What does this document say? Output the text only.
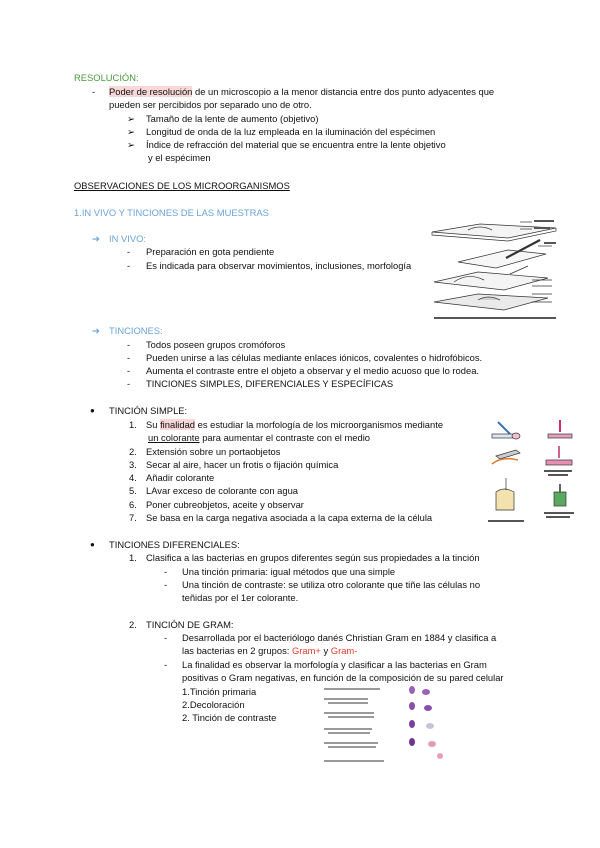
RESOLUCIÓN:
- Poder de resolución de un microscopio a la menor distancia entre dos punto adyacentes que
pueden ser percibidos por separado uno de otro.
➢ Tamaño de la lente de aumento (objetivo)
➢ Longitud de onda de la luz empleada en la iluminación del espécimen
➢ Índice de refracción del material que se encuentra entre la lente objetivo
y el espécimen
OBSERVACIONES DE LOS MICROORGANISMOS
1.IN VIVO Y TINCIONES DE LAS MUESTRAS
➔ IN VIVO:
- Preparación en gota pendiente
- Es indicada para observar movimientos, inclusiones, morfología
➔ TINCIONES:
- Todos poseen grupos cromóforos
- Pueden unirse a las células mediante enlaces iónicos, covalentes o hidrofóbicos.
- Aumenta el contraste entre el objeto a observar y el medio acuoso que lo rodea.
- TINCIONES SIMPLES, DIFERENCIALES Y ESPECÍFICAS
● TINCIÓN SIMPLE:
1. Su finalidad es estudiar la morfología de los microorganismos mediante
un colorante para aumentar el contraste con el medio
2. Extensión sobre un portaobjetos
3. Secar al aire, hacer un frotis o fijación química
4. Añadir colorante
5. LAvar exceso de colorante con agua
6. Poner cubreobjetos, aceite y observar
7. Se basa en la carga negativa asociada a la capa externa de la célula
● TINCIONES DIFERENCIALES:
1. Clasifica a las bacterias en grupos diferentes según sus propiedades a la tinción
- Una tinción primaria: igual métodos que una simple
- Una tinción de contraste: se utiliza otro colorante que tiñe las células no
teñidas por el 1er colorante.
2. TINCIÓN DE GRAM:
- Desarrollada por el bacteriólogo danés Christian Gram en 1884 y clasifica a
las bacterias en 2 grupos: Gram+ y Gram-
- La finalidad es observar la morfología y clasificar a las bacterias en Gram
positivas o Gram negativas, en función de la composición de su pared celular
1.Tinción primaria
2.Decoloración
2. Tinción de contraste
